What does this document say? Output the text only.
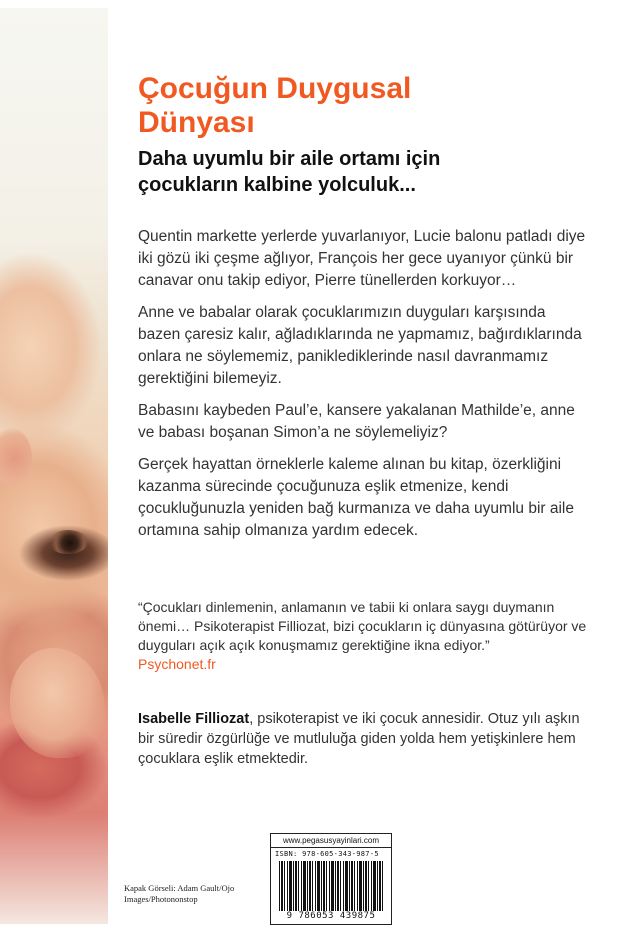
Çocuğun Duygusal
Dünyası
Daha uyumlu bir aile ortamı için
çocukların kalbine yolculuk...

Quentin markette yerlerde yuvarlanıyor, Lucie balonu patladı diye iki gözü iki çeşme ağlıyor, François her gece uyanıyor çünkü bir canavar onu takip ediyor, Pierre tünellerden korkuyor…

Anne ve babalar olarak çocuklarımızın duyguları karşısında bazen çaresiz kalır, ağladıklarında ne yapmamız, bağırdıklarında onlara ne söylememiz, paniklediklerinde nasıl davranmamız gerektiğini bilemeyiz.

Babasını kaybeden Paul’e, kansere yakalanan Mathilde’e, anne ve babası boşanan Simon’a ne söylemeliyiz?

Gerçek hayattan örneklerle kaleme alınan bu kitap, özerkliğini kazanma sürecinde çocuğunuza eşlik etmenize, kendi çocukluğunuzla yeniden bağ kurmanıza ve daha uyumlu bir aile ortamına sahip olmanıza yardım edecek.

“Çocukları dinlemenin, anlamanın ve tabii ki onlara saygı duymanın önemi… Psikoterapist Filliozat, bizi çocukların iç dünyasına götürüyor ve duyguları açık açık konuşmamız gerektiğine ikna ediyor.”
Psychonet.fr
Isabelle Filliozat, psikoterapist ve iki çocuk annesidir. Otuz yılı aşkın bir süredir özgürlüğe ve mutluluğa giden yolda hem yetişkinlere hem çocuklara eşlik etmektedir.
Kapak Görseli: Adam Gault/Ojo
Images/Photononstop
www.pegasusyayinlari.com
ISBN: 978-605-343-987-5
9 786053 439875
